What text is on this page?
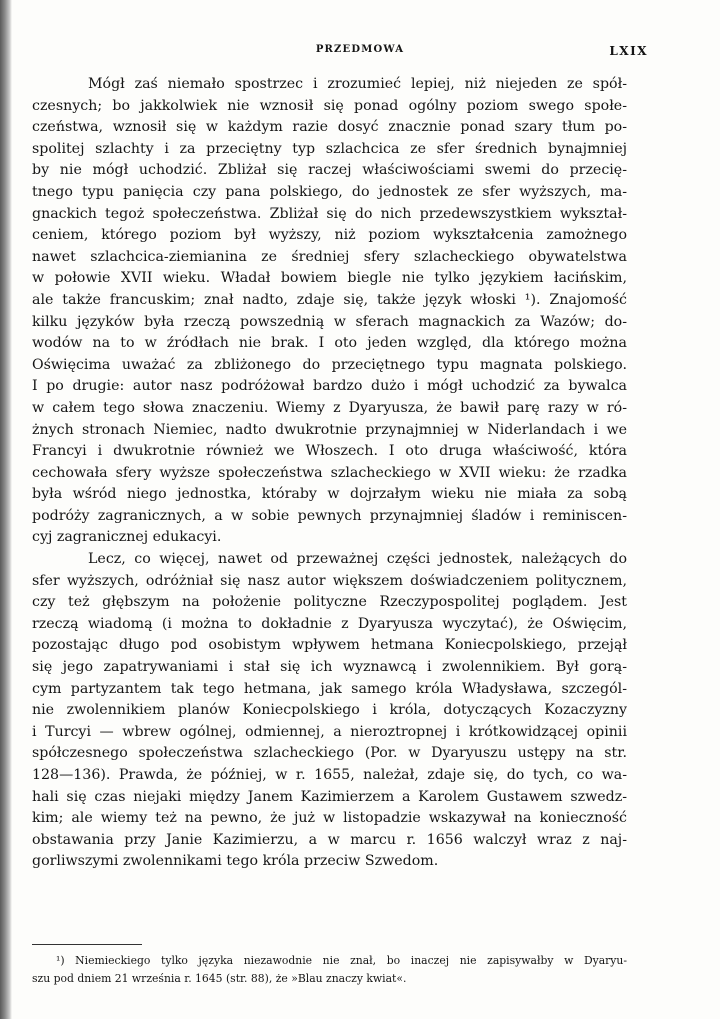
PRZEDMOWA	LXIX
Mógł zaś niemało spostrzec i zrozumieć lepiej, niż niejeden ze spół-
czesnych; bo jakkolwiek nie wznosił się ponad ogólny poziom swego społe-
czeństwa, wznosił się w każdym razie dosyć znacznie ponad szary tłum po-
spolitej szlachty i za przeciętny typ szlachcica ze sfer średnich bynajmniej
by nie mógł uchodzić. Zbliżał się raczej właściwościami swemi do przecię-
tnego typu panięcia czy pana polskiego, do jednostek ze sfer wyższych, ma-
gnackich tegoż społeczeństwa. Zbliżał się do nich przedewszystkiem wykształ-
ceniem, którego poziom był wyższy, niż poziom wykształcenia zamożnego
nawet szlachcica-ziemianina ze średniej sfery szlacheckiego obywatelstwa
w połowie XVII wieku. Władał bowiem biegle nie tylko językiem łacińskim,
ale także francuskim; znał nadto, zdaje się, także język włoski ¹). Znajomość
kilku języków była rzeczą powszednią w sferach magnackich za Wazów; do-
wodów na to w źródłach nie brak. I oto jeden względ, dla którego można
Oświęcima uważać za zbliżonego do przeciętnego typu magnata polskiego.
I po drugie: autor nasz podróżował bardzo dużo i mógł uchodzić za bywalca
w całem tego słowa znaczeniu. Wiemy z Dyaryusza, że bawił parę razy w ró-
żnych stronach Niemiec, nadto dwukrotnie przynajmniej w Niderlandach i we
Francyi i dwukrotnie również we Włoszech. I oto druga właściwość, która
cechowała sfery wyższe społeczeństwa szlacheckiego w XVII wieku: że rzadka
była wśród niego jednostka, któraby w dojrzałym wieku nie miała za sobą
podróży zagranicznych, a w sobie pewnych przynajmniej śladów i reminiscen-
cyj zagranicznej edukacyi.
Lecz, co więcej, nawet od przeważnej części jednostek, należących do
sfer wyższych, odróżniał się nasz autor większem doświadczeniem politycznem,
czy też głębszym na położenie polityczne Rzeczypospolitej poglądem. Jest
rzeczą wiadomą (i można to dokładnie z Dyaryusza wyczytać), że Oświęcim,
pozostając długo pod osobistym wpływem hetmana Koniecpolskiego, przejął
się jego zapatrywaniami i stał się ich wyznawcą i zwolennikiem. Był gorą-
cym partyzantem tak tego hetmana, jak samego króla Władysława, szczegól-
nie zwolennikiem planów Koniecpolskiego i króla, dotyczących Kozaczyzny
i Turcyi — wbrew ogólnej, odmiennej, a nieroztropnej i krótkowidzącej opinii
spółczesnego społeczeństwa szlacheckiego (Por. w Dyaryuszu ustępy na str.
128—136). Prawda, że później, w r. 1655, należał, zdaje się, do tych, co wa-
hali się czas niejaki między Janem Kazimierzem a Karolem Gustawem szwedz-
kim; ale wiemy też na pewno, że już w listopadzie wskazywał na konieczność
obstawania przy Janie Kazimierzu, a w marcu r. 1656 walczył wraz z naj-
gorliwszymi zwolennikami tego króla przeciw Szwedom.
¹) Niemieckiego tylko języka niezawodnie nie znał, bo inaczej nie zapisywałby w Dyaryu-
szu pod dniem 21 września r. 1645 (str. 88), że »Blau znaczy kwiat«.
